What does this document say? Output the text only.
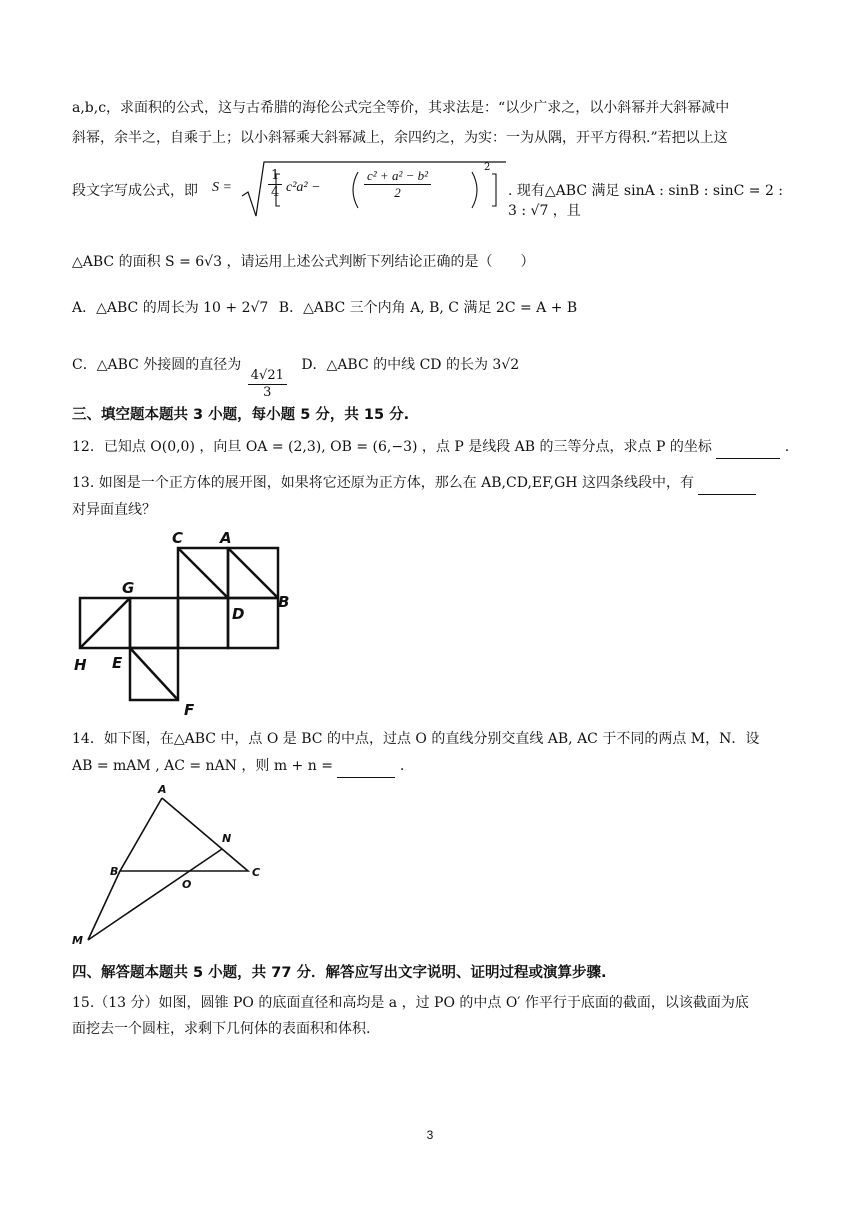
a,b,c，求面积的公式，这与古希腊的海伦公式完全等价，其求法是：“以少广求之，以小斜幂并大斜幂减中
斜幂，余半之，自乘于上；以小斜幂乘大斜幂减上，余四约之，为实：一为从隅，开平方得积.”若把以上这
段文字写成公式，即 S =	$\frac{1}{4} c^2a^2$ −	$\frac{\text{c² + a² − b²}}{2}$
2
. 现有△ABC 满足 sinA : sinB : sinC = 2 : 3 : √7 ，且
△ABC 的面积 S = 6√3 ，请运用上述公式判断下列结论正确的是（　　）
A．△ABC 的周长为 10 + 2√7 B．△ABC 三个内角 A, B, C 满足 2C = A + B
C．△ABC 外接圆的直径为
$\frac{4√21}{3}$
D．△ABC 的中线 CD 的长为 3√2
三、填空题本题共 3 小题，每小题 5 分，共 15 分.
12．已知点 O(0,0) ，向旦 OA = (2,3), OB = (6,−3) ，点 P 是线段 AB 的三等分点，求点 P 的坐标	.
13. 如图是一个正方体的展开图，如果将它还原为正方体，那么在 AB,CD,EF,GH 这四条线段中，有
对异面直线？
C A
G
D
B
H E
F
14．如下图，在△ABC 中，点 O 是 BC 的中点，过点 O 的直线分别交直线 AB, AC 于不同的两点 M，N．设
AB = mAM , AC = nAN ，则 m + n =	.
A
N
B
O
C
M
四、解答题本题共 5 小题，共 77 分．解答应写出文字说明、证明过程或演算步骤.
15.（13 分）如图，圆锥 PO 的底面直径和高均是 a ，过 PO 的中点 O′ 作平行于底面的截面，以该截面为底
面挖去一个圆柱，求剩下几何体的表面积和体积.
3
